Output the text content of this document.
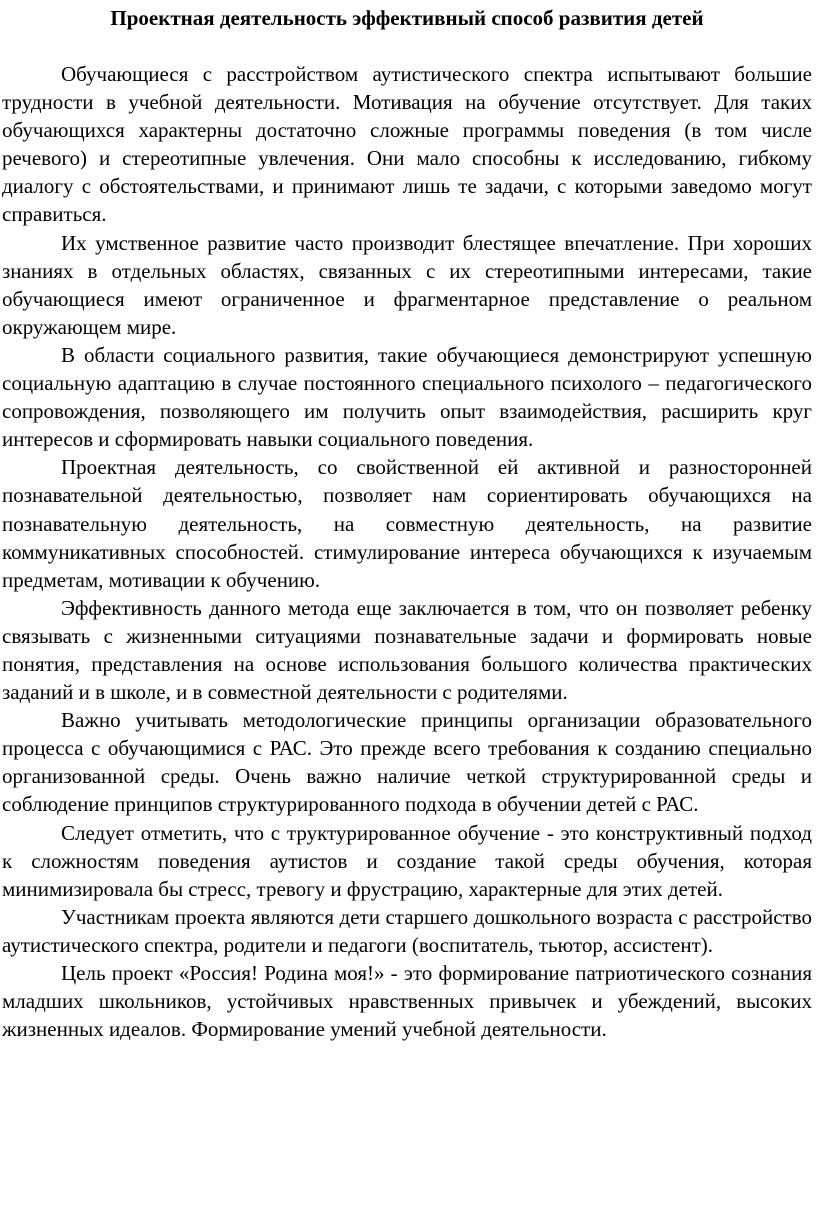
Проектная деятельность эффективный способ развития детей

Обучающиеся с расстройством аутистического спектра испытывают большие трудности в учебной деятельности. Мотивация на обучение отсутствует. Для таких обучающихся характерны достаточно сложные программы поведения (в том числе речевого) и стереотипные увлечения. Они мало способны к исследованию, гибкому диалогу с обстоятельствами, и принимают лишь те задачи, с которыми заведомо могут справиться.

Их умственное развитие часто производит блестящее впечатление. При хороших знаниях в отдельных областях, связанных с их стереотипными интересами, такие обучающиеся имеют ограниченное и фрагментарное представление о реальном окружающем мире.

В области социального развития, такие обучающиеся демонстрируют успешную социальную адаптацию в случае постоянного специального психолого – педагогического сопровождения, позволяющего им получить опыт взаимодействия, расширить круг интересов и сформировать навыки социального поведения.

Проектная деятельность, со свойственной ей активной и разносторонней познавательной деятельностью, позволяет нам сориентировать обучающихся на познавательную деятельность, на совместную деятельность, на развитие коммуникативных способностей. стимулирование интереса обучающихся к изучаемым предметам, мотивации к обучению.

Эффективность данного метода еще заключается в том, что он позволяет ребенку связывать с жизненными ситуациями познавательные задачи и формировать новые понятия, представления на основе использования большого количества практических заданий и в школе, и в совместной деятельности с родителями.

Важно учитывать методологические принципы организации образовательного процесса с обучающимися с РАС. Это прежде всего требования к созданию специально организованной среды. Очень важно наличие четкой структурированной среды и соблюдение принципов структурированного подхода в обучении детей с РАС.

Следует отметить, что с труктурированное обучение - это конструктивный подход к сложностям поведения аутистов и создание такой среды обучения, которая минимизировала бы стресс, тревогу и фрустрацию, характерные для этих детей.

Участникам проекта являются дети старшего дошкольного возраста с расстройство аутистического спектра, родители и педагоги (воспитатель, тьютор, ассистент).

Цель проект «Россия! Родина моя!» - это формирование патриотического сознания младших школьников, устойчивых нравственных привычек и убеждений, высоких жизненных идеалов. Формирование умений учебной деятельности.
